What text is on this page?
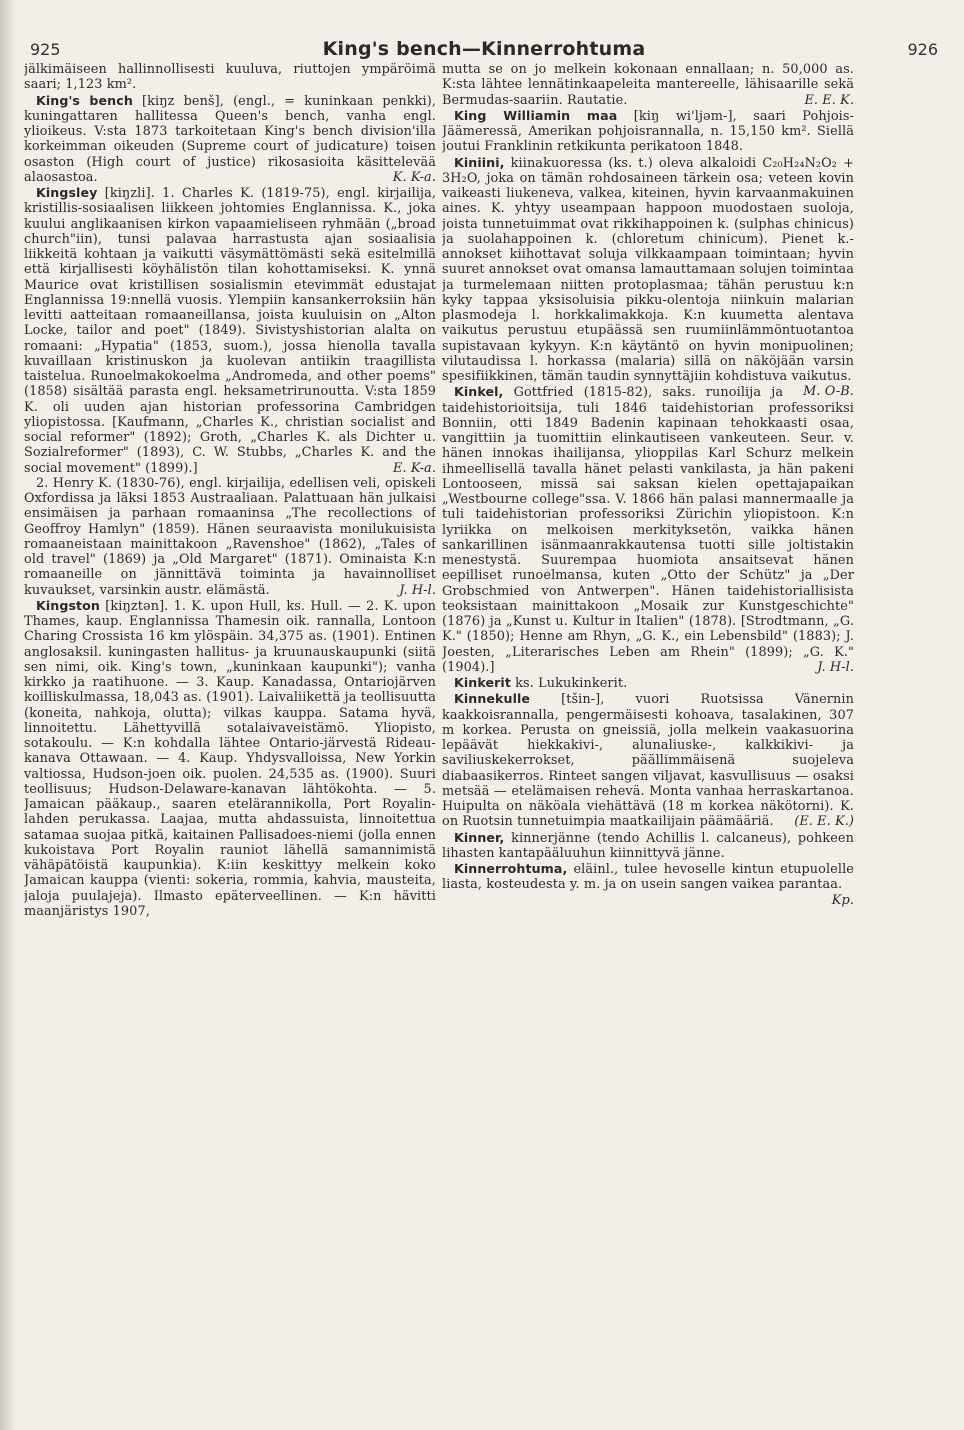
925	King's bench—Kinnerrohtuma	926

jälkimäiseen hallinnollisesti kuuluva, riuttojen ympäröimä saari; 1,123 km².

King's bench [kiŋz benš], (engl., = kuninkaan penkki), kuningattaren hallitessa Queen's bench, vanha engl. ylioikeus. V:sta 1873 tarkoitetaan King's bench division'illa korkeimman oikeuden (Supreme court of judicature) toisen osaston (High court of justice) rikosasioita käsittelevää alaosastoa.	K. K-a.

Kingsley [kiŋzli]. 1. Charles K. (1819-75), engl. kirjailija, kristillis-sosiaalisen liikkeen johtomies Englannissa. K., joka kuului anglikaanisen kirkon vapaamieliseen ryhmään („broad church"iin), tunsi palavaa harrastusta ajan sosiaalisia liikkeitä kohtaan ja vaikutti väsymättömästi sekä esitelmillä että kirjallisesti köyhälistön tilan kohottamiseksi. K. ynnä Maurice ovat kristillisen sosialismin etevimmät edustajat Englannissa 19:nnellä vuosis. Ylempiin kansankerroksiin hän levitti aatteitaan romaaneillansa, joista kuuluisin on „Alton Locke, tailor and poet" (1849). Sivistyshistorian alalta on romaani: „Hypatia" (1853, suom.), jossa hienolla tavalla kuvaillaan kristinuskon ja kuolevan antiikin traagillista taistelua. Runoelmakokoelma „Andromeda, and other poems" (1858) sisältää parasta engl. heksametrirunoutta. V:sta 1859 K. oli uuden ajan historian professorina Cambridgen yliopistossa. [Kaufmann, „Charles K., christian socialist and social reformer" (1892); Groth, „Charles K. als Dichter u. Sozialreformer" (1893), C. W. Stubbs, „Charles K. and the social movement" (1899).]	E. K-a.

2. Henry K. (1830-76), engl. kirjailija, edellisen veli, opiskeli Oxfordissa ja läksi 1853 Austraaliaan. Palattuaan hän julkaisi ensimäisen ja parhaan romaaninsa „The recollections of Geoffroy Hamlyn" (1859). Hänen seuraavista monilukuisista romaaneistaan mainittakoon „Ravenshoe" (1862), „Tales of old travel" (1869) ja „Old Margaret" (1871). Ominaista K:n romaaneille on jännittävä toiminta ja havainnolliset kuvaukset, varsinkin austr. elämästä.	J. H-l.

Kingston [kiŋztən]. 1. K. upon Hull, ks. Hull. — 2. K. upon Thames, kaup. Englannissa Thamesin oik. rannalla, Lontoon Charing Crossista 16 km ylöspäin. 34,375 as. (1901). Entinen anglosaksil. kuningasten hallitus- ja kruunauskaupunki (siitä sen nimi, oik. King's town, „kuninkaan kaupunki"); vanha kirkko ja raatihuone. — 3. Kaup. Kanadassa, Ontariojärven koilliskulmassa, 18,043 as. (1901). Laivaliikettä ja teollisuutta (koneita, nahkoja, olutta); vilkas kauppa. Satama hyvä, linnoitettu. Lähettyvillä sotalaivaveistämö. Yliopisto, sotakoulu. — K:n kohdalla lähtee Ontario-järvestä Rideau-kanava Ottawaan. — 4. Kaup. Yhdysvalloissa, New Yorkin valtiossa, Hudson-joen oik. puolen. 24,535 as. (1900). Suuri teollisuus; Hudson-Delaware-kanavan lähtökohta. — 5. Jamaican pääkaup., saaren etelärannikolla, Port Royalin-lahden perukassa. Laajaa, mutta ahdassuista, linnoitettua satamaa suojaa pitkä, kaitainen Pallisadoes-niemi (jolla ennen kukoistava Port Royalin rauniot lähellä samannimistä vähäpätöistä kaupunkia). K:iin keskittyy melkein koko Jamaican kauppa (vienti: sokeria, rommia, kahvia, mausteita, jaloja puulajeja). Ilmasto epäterveellinen. — K:n hävitti maanjäristys 1907,

mutta se on jo melkein kokonaan ennallaan; n. 50,000 as. K:sta lähtee lennätinkaapeleita mantereelle, lähisaarille sekä Bermudas-saariin. Rautatie.	E. E. K.

King Williamin maa [kiŋ wi'ljəm-], saari Pohjois-Jäämeressä, Amerikan pohjoisrannalla, n. 15,150 km². Siellä joutui Franklinin retkikunta perikatoon 1848.

Kiniini, kiinakuoressa (ks. t.) oleva alkaloidi C₂₀H₂₄N₂O₂ + 3H₂O, joka on tämän rohdosaineen tärkein osa; veteen kovin vaikeasti liukeneva, valkea, kiteinen, hyvin karvaanmakuinen aines. K. yhtyy useampaan happoon muodostaen suoloja, joista tunnetuimmat ovat rikkihappoinen k. (sulphas chinicus) ja suolahappoinen k. (chloretum chinicum). Pienet k.-annokset kiihottavat soluja vilkkaampaan toimintaan; hyvin suuret annokset ovat omansa lamauttamaan solujen toimintaa ja turmelemaan niitten protoplasmaa; tähän perustuu k:n kyky tappaa yksisoluisia pikku-olentoja niinkuin malarian plasmodeja l. horkkalimakkoja. K:n kuumetta alentava vaikutus perustuu etupäässä sen ruumiinlämmöntuotantoa supistavaan kykyyn. K:n käytäntö on hyvin monipuolinen; vilutaudissa l. horkassa (malaria) sillä on näköjään varsin spesifiikkinen, tämän taudin synnyttäjiin kohdistuva vaikutus.
M. O-B.

Kinkel, Gottfried (1815-82), saks. runoilija ja taidehistorioitsija, tuli 1846 taidehistorian professoriksi Bonniin, otti 1849 Badenin kapinaan tehokkaasti osaa, vangittiin ja tuomittiin elinkautiseen vankeuteen. Seur. v. hänen innokas ihailijansa, ylioppilas Karl Schurz melkein ihmeellisellä tavalla hänet pelasti vankilasta, ja hän pakeni Lontooseen, missä sai saksan kielen opettajapaikan „Westbourne college"ssa. V. 1866 hän palasi mannermaalle ja tuli taidehistorian professoriksi Zürichin yliopistoon. K:n lyriikka on melkoisen merkityksetön, vaikka hänen sankarillinen isänmaanrakkautensa tuotti sille joltistakin menestystä. Suurempaa huomiota ansaitsevat hänen eepilliset runoelmansa, kuten „Otto der Schütz" ja „Der Grobschmied von Antwerpen". Hänen taidehistoriallisista teoksistaan mainittakoon „Mosaik zur Kunstgeschichte" (1876) ja „Kunst u. Kultur in Italien" (1878). [Strodtmann, „G. K." (1850); Henne am Rhyn, „G. K., ein Lebensbild" (1883); J. Joesten, „Literarisches Leben am Rhein" (1899); „G. K." (1904).]	J. H-l.

Kinkerit ks. Lukukinkerit.

Kinnekulle [tšin-], vuori Ruotsissa Vänernin kaakkoisrannalla, pengermäisesti kohoava, tasalakinen, 307 m korkea. Perusta on gneissiä, jolla melkein vaakasuorina lepäävät hiekkakivi-, alunaliuske-, kalkkikivi- ja saviliuskekerrokset, päällimmäisenä suojeleva diabaasikerros. Rinteet sangen viljavat, kasvullisuus — osaksi metsää — etelämaisen rehevä. Monta vanhaa herraskartanoa. Huipulta on näköala viehättävä (18 m korkea näkötorni). K. on Ruotsin tunnetuimpia maatkailijain päämääriä.	(E. E. K.)

Kinner, kinnerjänne (tendo Achillis l. calcaneus), pohkeen lihasten kantapääluuhun kiinnittyvä jänne.

Kinnerrohtuma, eläinl., tulee hevoselle kintun etupuolelle liasta, kosteudesta y. m. ja on usein sangen vaikea parantaa.
Kp.
